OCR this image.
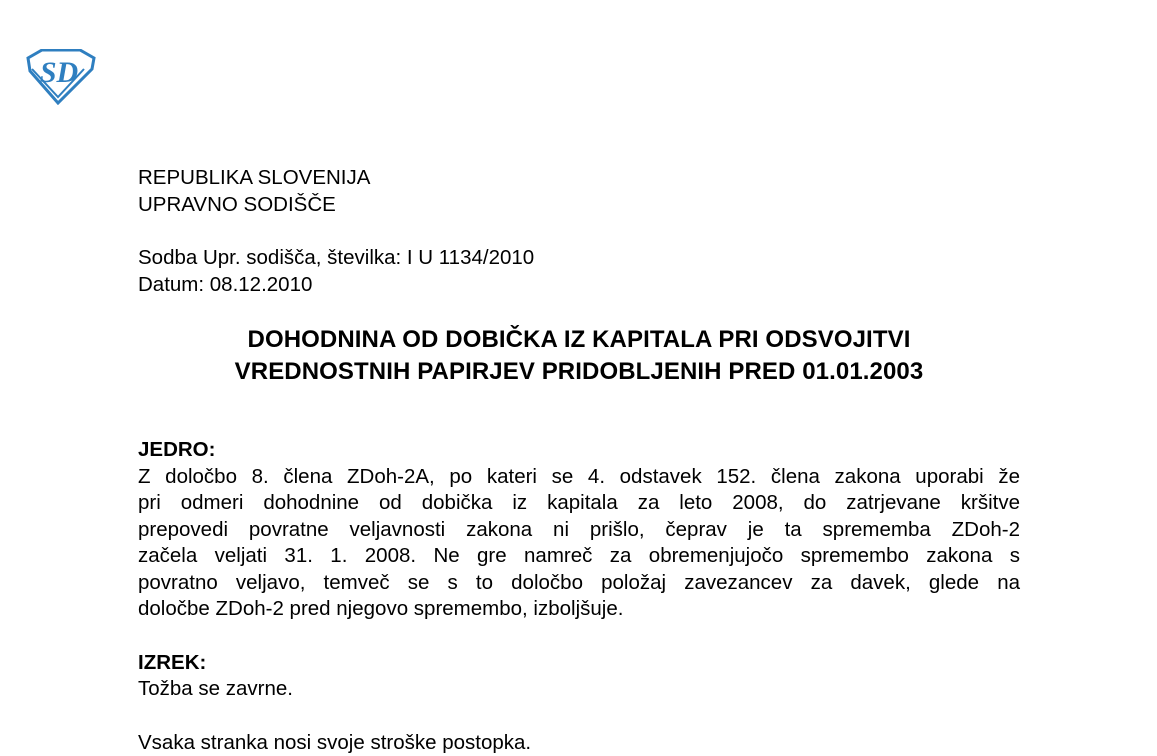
SD
REPUBLIKA SLOVENIJA
UPRAVNO SODIŠČE
Sodba Upr. sodišča, številka: I U 1134/2010
Datum: 08.12.2010
DOHODNINA OD DOBIČKA IZ KAPITALA PRI ODSVOJITVI
VREDNOSTNIH PAPIRJEV PRIDOBLJENIH PRED 01.01.2003
JEDRO:
Z določbo 8. člena ZDoh-2A, po kateri se 4. odstavek 152. člena zakona uporabi že
pri odmeri dohodnine od dobička iz kapitala za leto 2008, do zatrjevane kršitve
prepovedi povratne veljavnosti zakona ni prišlo, čeprav je ta sprememba ZDoh-2
začela veljati 31. 1. 2008. Ne gre namreč za obremenjujočo spremembo zakona s
povratno veljavo, temveč se s to določbo položaj zavezancev za davek, glede na
določbe ZDoh-2 pred njegovo spremembo, izboljšuje.
IZREK:
Tožba se zavrne.
Vsaka stranka nosi svoje stroške postopka.
